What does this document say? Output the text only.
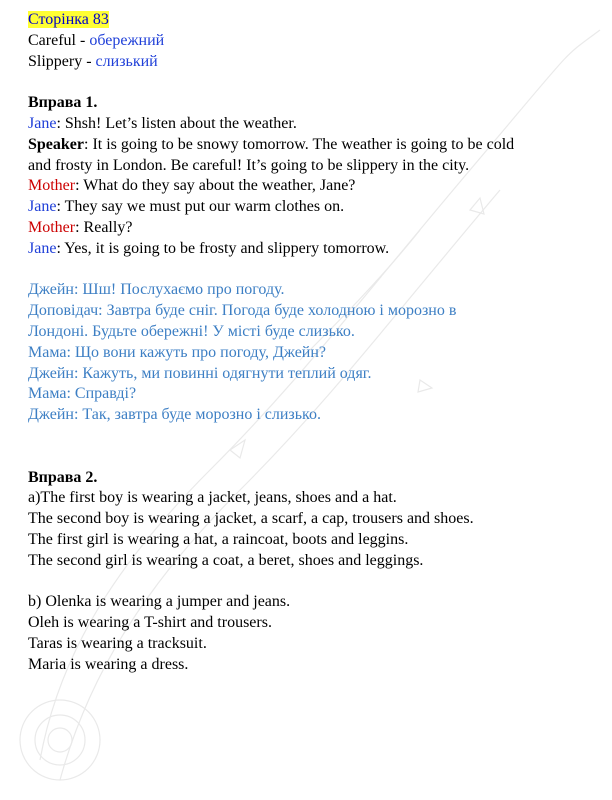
Сторінка 83
Careful - обережний
Slippery - слизький
Вправа 1.
Jane: Shsh! Let’s listen about the weather.
Speaker: It is going to be snowy tomorrow. The weather is going to be cold
and frosty in London. Be careful! It’s going to be slippery in the city.
Mother: What do they say about the weather, Jane?
Jane: They say we must put our warm clothes on.
Mother: Really?
Jane: Yes, it is going to be frosty and slippery tomorrow.
Джейн: Шш! Послухаємо про погоду.
Доповідач: Завтра буде сніг. Погода буде холодною і морозно в
Лондоні. Будьте обережні! У місті буде слизько.
Мама: Що вони кажуть про погоду, Джейн?
Джейн: Кажуть, ми повинні одягнути теплий одяг.
Мама: Справді?
Джейн: Так, завтра буде морозно і слизько.
Вправа 2.
a)The first boy is wearing a jacket, jeans, shoes and a hat.
The second boy is wearing a jacket, a scarf, a cap, trousers and shoes.
The first girl is wearing a hat, a raincoat, boots and leggins.
The second girl is wearing a coat, a beret, shoes and leggings.
b) Olenka is wearing a jumper and jeans.
Oleh is wearing a T-shirt and trousers.
Taras is wearing a tracksuit.
Maria is wearing a dress.
